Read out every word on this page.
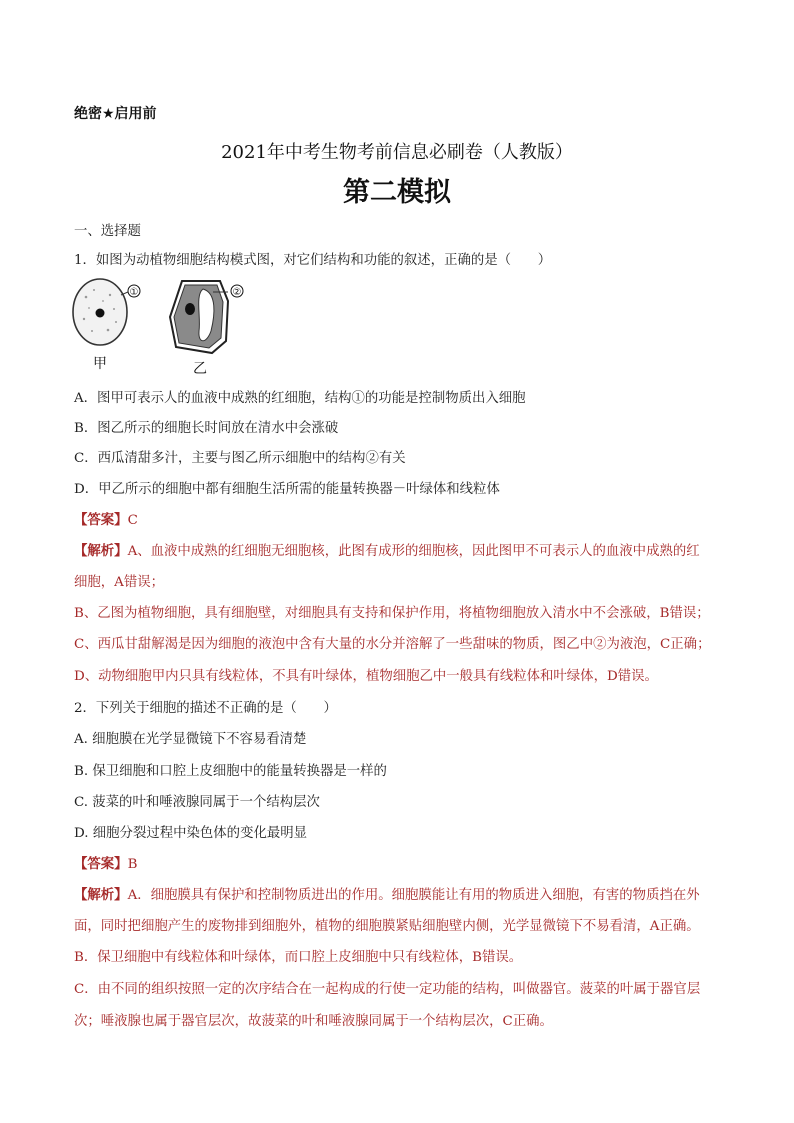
绝密★启用前
2021年中考生物考前信息必刷卷（人教版）
第二模拟
一、选择题
1．如图为动植物细胞结构模式图，对它们结构和功能的叙述，正确的是（　　）
①
甲
②
乙
A．图甲可表示人的血液中成熟的红细胞，结构①的功能是控制物质出入细胞
B．图乙所示的细胞长时间放在清水中会涨破
C．西瓜清甜多汁，主要与图乙所示细胞中的结构②有关
D．甲乙所示的细胞中都有细胞生活所需的能量转换器－叶绿体和线粒体
【答案】C
【解析】A、血液中成熟的红细胞无细胞核，此图有成形的细胞核，因此图甲不可表示人的血液中成熟的红
细胞，A错误；
B、乙图为植物细胞，具有细胞壁，对细胞具有支持和保护作用，将植物细胞放入清水中不会涨破，B错误；
C、西瓜甘甜解渴是因为细胞的液泡中含有大量的水分并溶解了一些甜味的物质，图乙中②为液泡，C正确；
D、动物细胞甲内只具有线粒体，不具有叶绿体，植物细胞乙中一般具有线粒体和叶绿体，D错误。
2．下列关于细胞的描述不正确的是（　　）
A. 细胞膜在光学显微镜下不容易看清楚
B. 保卫细胞和口腔上皮细胞中的能量转换器是一样的
C. 菠菜的叶和唾液腺同属于一个结构层次
D. 细胞分裂过程中染色体的变化最明显
【答案】B
【解析】A．细胞膜具有保护和控制物质进出的作用。细胞膜能让有用的物质进入细胞，有害的物质挡在外
面，同时把细胞产生的废物排到细胞外，植物的细胞膜紧贴细胞壁内侧，光学显微镜下不易看清，A正确。
B．保卫细胞中有线粒体和叶绿体，而口腔上皮细胞中只有线粒体，B错误。
C．由不同的组织按照一定的次序结合在一起构成的行使一定功能的结构，叫做器官。菠菜的叶属于器官层
次；唾液腺也属于器官层次，故菠菜的叶和唾液腺同属于一个结构层次，C正确。
